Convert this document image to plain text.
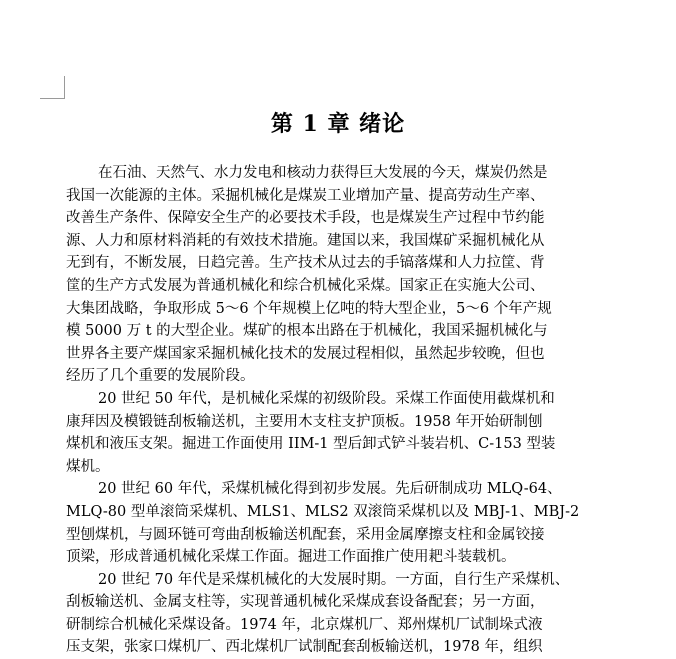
第 1 章 绪论
在石油、天然气、水力发电和核动力获得巨大发展的今天，煤炭仍然是
我国一次能源的主体。采掘机械化是煤炭工业增加产量、提高劳动生产率、
改善生产条件、保障安全生产的必要技术手段，也是煤炭生产过程中节约能
源、人力和原材料消耗的有效技术措施。建国以来，我国煤矿采掘机械化从
无到有，不断发展，日趋完善。生产技术从过去的手镐落煤和人力拉筐、背
筐的生产方式发展为普通机械化和综合机械化采煤。国家正在实施大公司、
大集团战略，争取形成 5～6 个年规模上亿吨的特大型企业，5～6 个年产规
模 5000 万 t 的大型企业。煤矿的根本出路在于机械化，我国采掘机械化与
世界各主要产煤国家采掘机械化技术的发展过程相似，虽然起步较晚，但也
经历了几个重要的发展阶段。
20 世纪 50 年代，是机械化采煤的初级阶段。采煤工作面使用截煤机和
康拜因及模锻链刮板输送机，主要用木支柱支护顶板。1958 年开始研制刨
煤机和液压支架。掘进工作面使用 IIM-1 型后卸式铲斗装岩机、C-153 型装
煤机。
20 世纪 60 年代，采煤机械化得到初步发展。先后研制成功 MLQ-64、
MLQ-80 型单滚筒采煤机、MLS1、MLS2 双滚筒采煤机以及 MBJ-1、MBJ-2
型刨煤机，与圆环链可弯曲刮板输送机配套，采用金属摩擦支柱和金属铰接
顶梁，形成普通机械化采煤工作面。掘进工作面推广使用耙斗装载机。
20 世纪 70 年代是采煤机械化的大发展时期。一方面，自行生产采煤机、
刮板输送机、金属支柱等，实现普通机械化采煤成套设备配套；另一方面，
研制综合机械化采煤设备。1974 年，北京煤机厂、郑州煤机厂试制垛式液
压支架，张家口煤机厂、西北煤机厂试制配套刮板输送机，1978 年，组织
